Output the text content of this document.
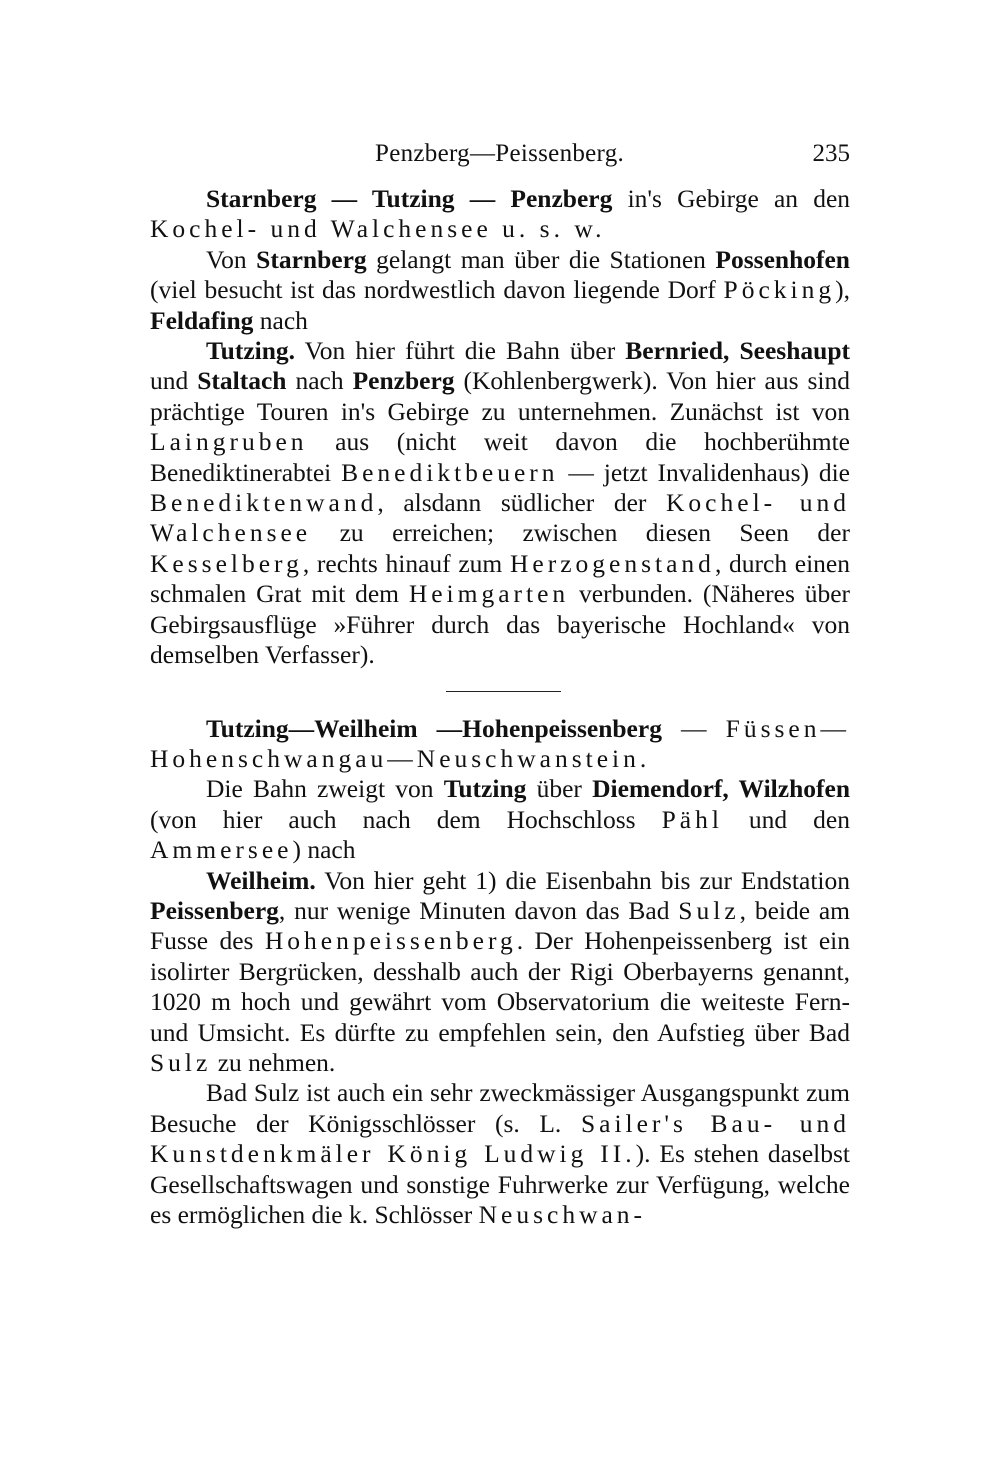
Penzberg—Peissenberg.	235

Starnberg — Tutzing — Penzberg in's Gebirge an den Kochel- und Walchensee u. s. w.

Von Starnberg gelangt man über die Stationen Possenhofen (viel besucht ist das nordwestlich davon liegende Dorf Pöcking), Feldafing nach

Tutzing. Von hier führt die Bahn über Bernried, Seeshaupt und Staltach nach Penzberg (Kohlenbergwerk). Von hier aus sind prächtige Touren in's Gebirge zu unternehmen. Zunächst ist von Laingruben aus (nicht weit davon die hochberühmte Benediktinerabtei Benediktbeuern — jetzt Invalidenhaus) die Benediktenwand, alsdann südlicher der Kochel- und Walchensee zu erreichen; zwischen diesen Seen der Kesselberg, rechts hinauf zum Herzogenstand, durch einen schmalen Grat mit dem Heimgarten verbunden. (Näheres über Gebirgsausflüge »Führer durch das bayerische Hochland« von demselben Verfasser).

Tutzing—Weilheim —Hohenpeissenberg — Füssen— Hohenschwangau—Neuschwanstein.

Die Bahn zweigt von Tutzing über Diemendorf, Wilzhofen (von hier auch nach dem Hochschloss Pähl und den Ammersee) nach

Weilheim. Von hier geht 1) die Eisenbahn bis zur Endstation Peissenberg, nur wenige Minuten davon das Bad Sulz, beide am Fusse des Hohenpeissenberg. Der Hohenpeissenberg ist ein isolirter Bergrücken, desshalb auch der Rigi Oberbayerns genannt, 1020 m hoch und gewährt vom Observatorium die weiteste Fern- und Umsicht. Es dürfte zu empfehlen sein, den Aufstieg über Bad Sulz zu nehmen.

Bad Sulz ist auch ein sehr zweckmässiger Ausgangspunkt zum Besuche der Königsschlösser (s. L. Sailer's Bau- und Kunstdenkmäler König Ludwig II.). Es stehen daselbst Gesellschaftswagen und sonstige Fuhrwerke zur Verfügung, welche es ermöglichen die k. Schlösser Neuschwan-
